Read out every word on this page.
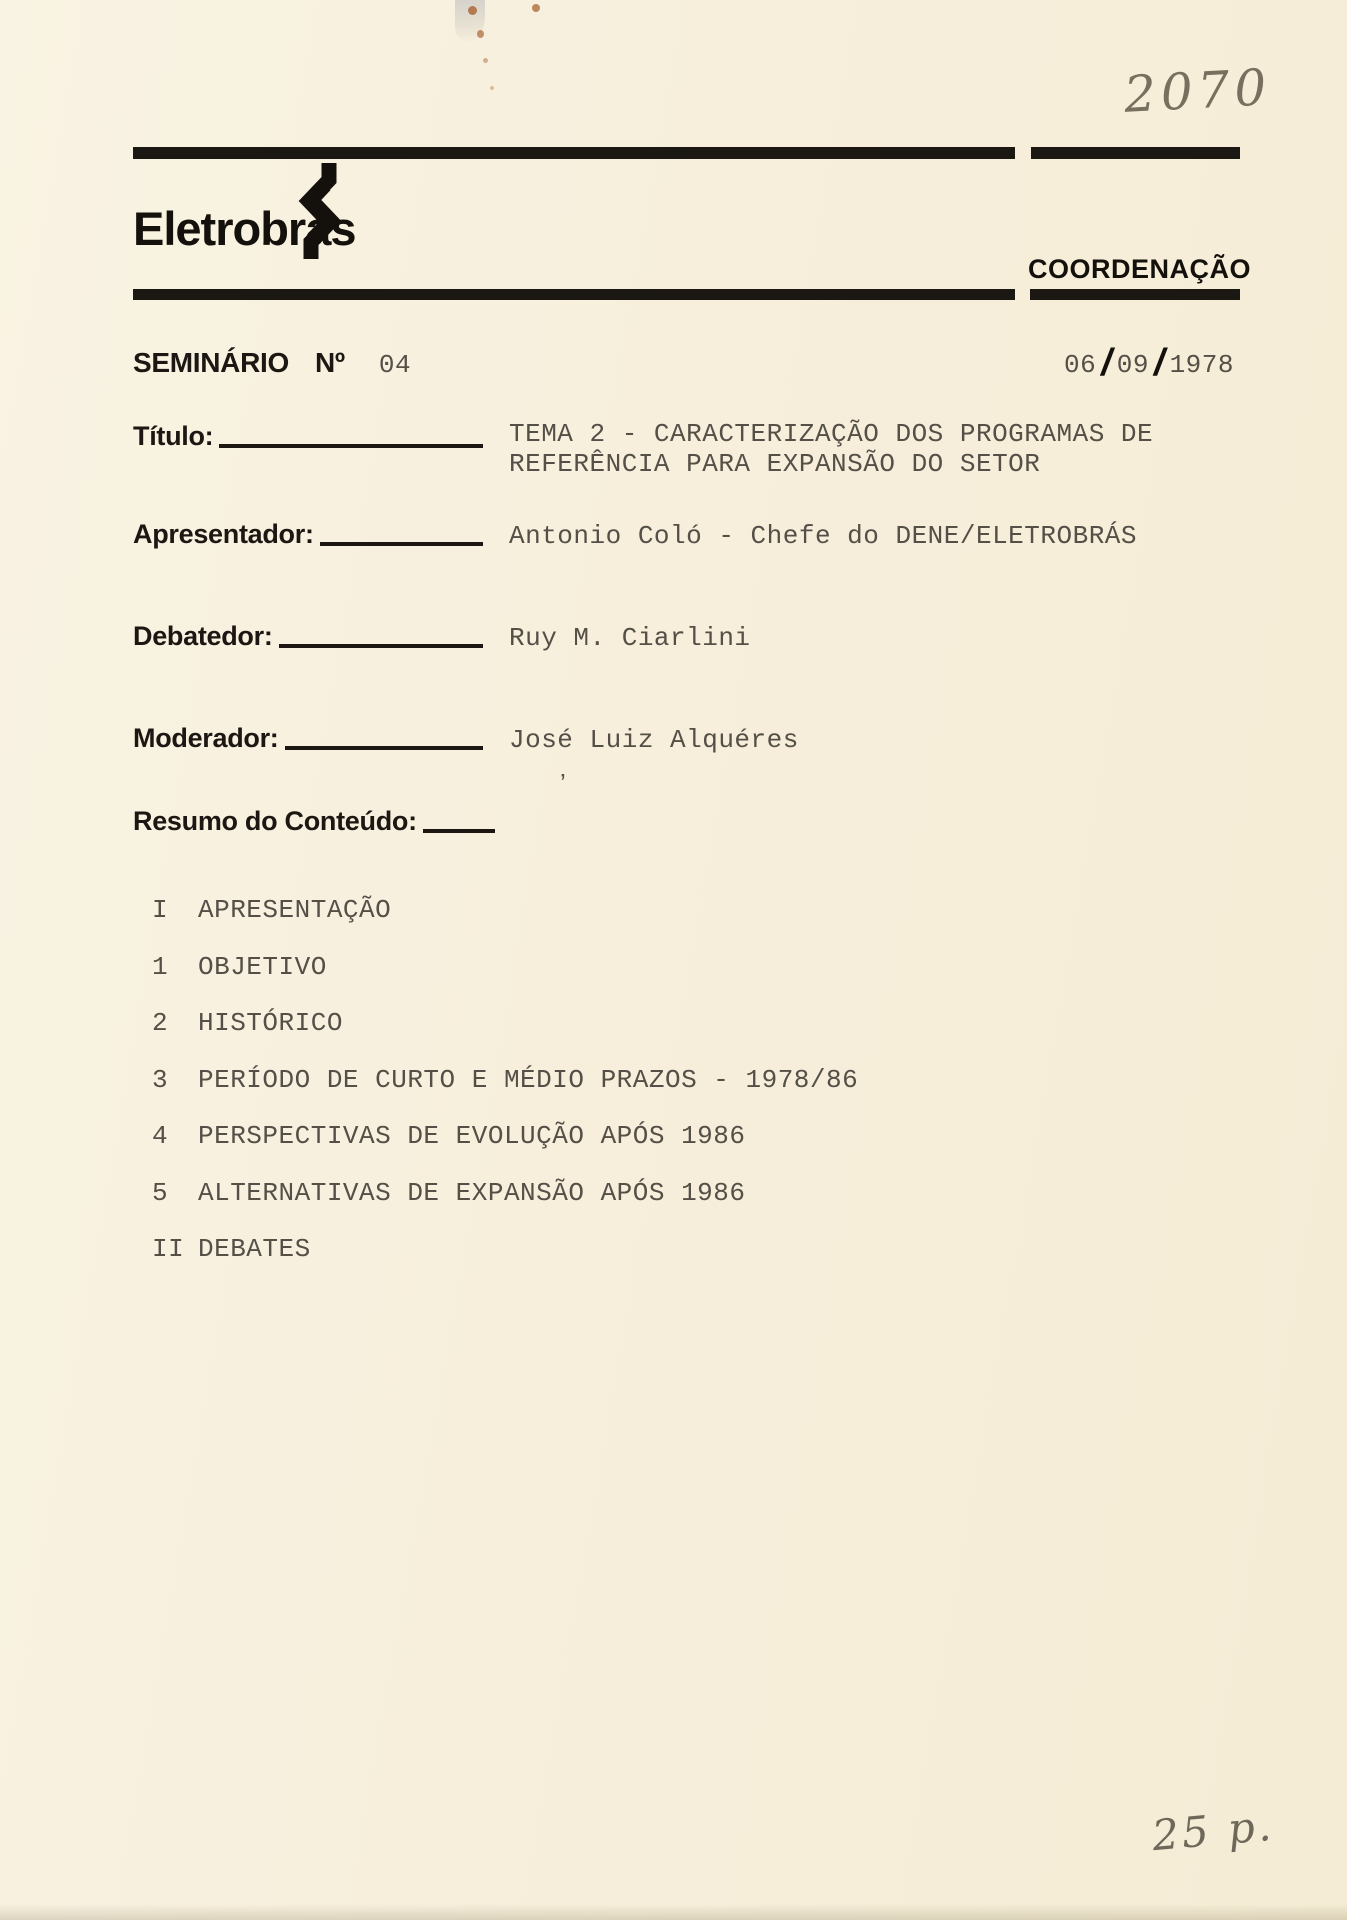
2070
25 p.
Eletrobras
COORDENAÇÃO
SEMINÁRIO Nº 04	06 / 09 / 1978
Título:	TEMA 2 - CARACTERIZAÇÃO DOS PROGRAMAS DE
REFERÊNCIA PARA EXPANSÃO DO SETOR
Apresentador:	Antonio Coló - Chefe do DENE/ELETROBRÁS
Debatedor:	Ruy M. Ciarlini
Moderador:	José Luiz Alquéres
’
Resumo do Conteúdo:
I	APRESENTAÇÃO
1	OBJETIVO
2	HISTÓRICO
3	PERÍODO DE CURTO E MÉDIO PRAZOS - 1978/86
4	PERSPECTIVAS DE EVOLUÇÃO APÓS 1986
5	ALTERNATIVAS DE EXPANSÃO APÓS 1986
II DEBATES
